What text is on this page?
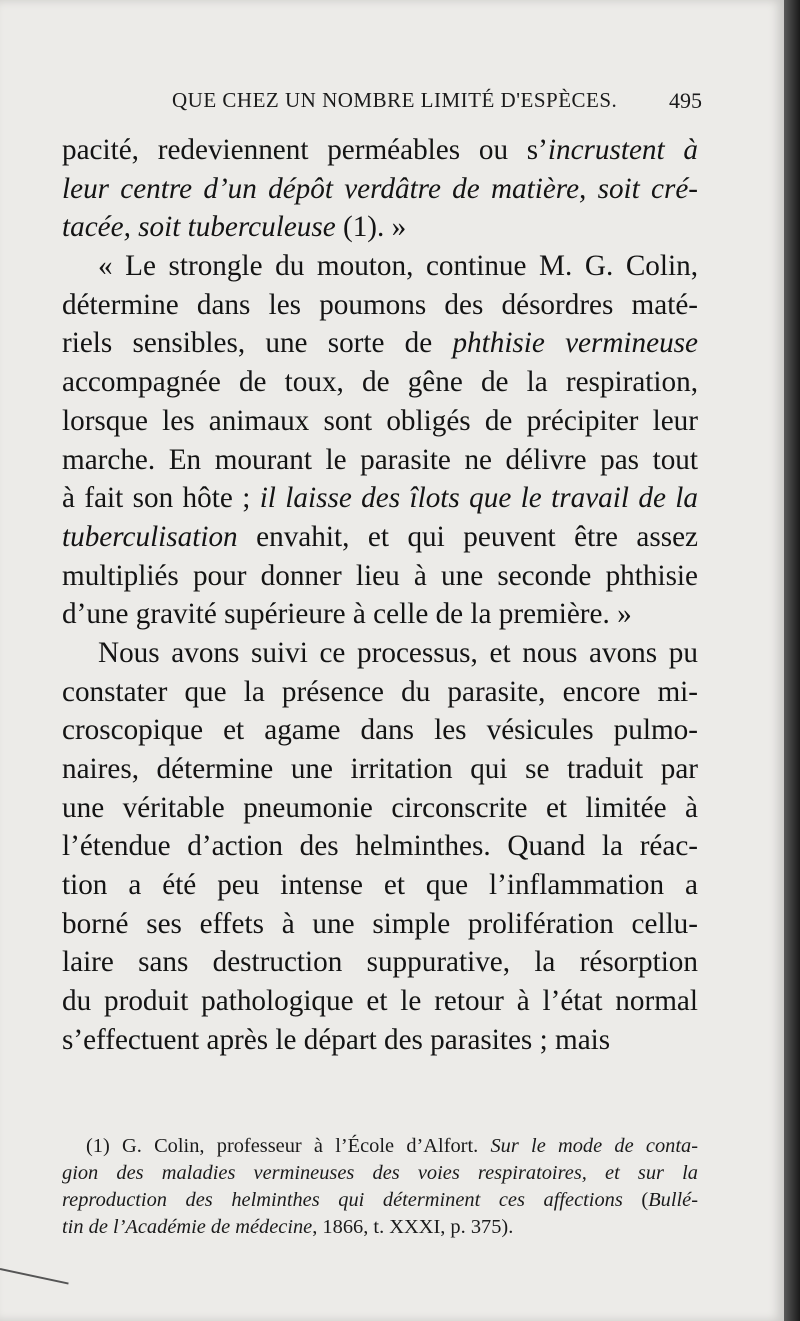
QUE CHEZ UN NOMBRE LIMITÉ D'ESPÈCES. 495
pacité, redeviennent perméables ou s’incrustent à
leur centre d’un dépôt verdâtre de matière, soit cré-
tacée, soit tuberculeuse (1). »
« Le strongle du mouton, continue M. G. Colin,
détermine dans les poumons des désordres maté-
riels sensibles, une sorte de phthisie vermineuse
accompagnée de toux, de gêne de la respiration,
lorsque les animaux sont obligés de précipiter leur
marche. En mourant le parasite ne délivre pas tout
à fait son hôte ; il laisse des îlots que le travail de la
tuberculisation envahit, et qui peuvent être assez
multipliés pour donner lieu à une seconde phthisie
d’une gravité supérieure à celle de la première. »
Nous avons suivi ce processus, et nous avons pu
constater que la présence du parasite, encore mi-
croscopique et agame dans les vésicules pulmo-
naires, détermine une irritation qui se traduit par
une véritable pneumonie circonscrite et limitée à
l’étendue d’action des helminthes. Quand la réac-
tion a été peu intense et que l’inflammation a
borné ses effets à une simple prolifération cellu-
laire sans destruction suppurative, la résorption
du produit pathologique et le retour à l’état normal
s’effectuent après le départ des parasites ; mais
(1) G. Colin, professeur à l’École d’Alfort. Sur le mode de conta-
gion des maladies vermineuses des voies respiratoires, et sur la
reproduction des helminthes qui déterminent ces affections (Bullé-
tin de l’Académie de médecine, 1866, t. XXXI, p. 375).
